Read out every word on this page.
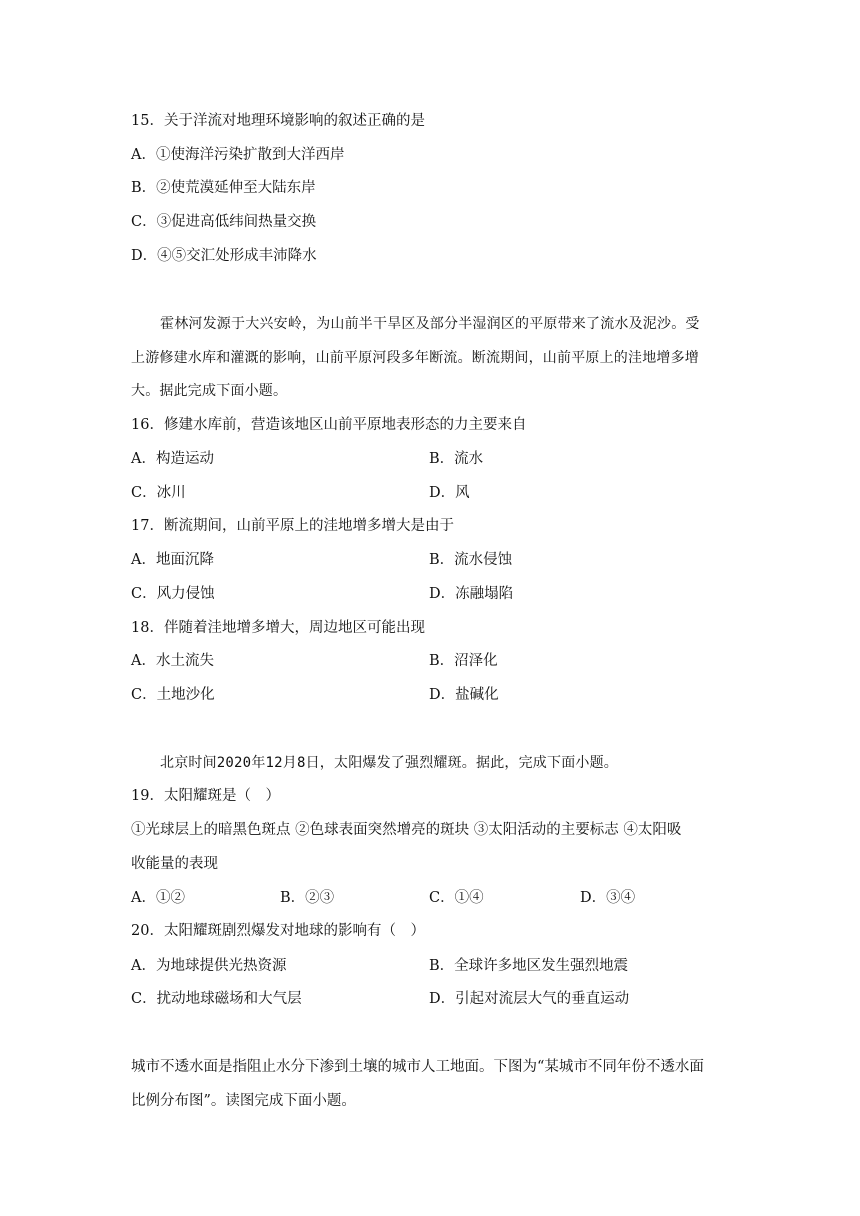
15．关于洋流对地理环境影响的叙述正确的是
A．①使海洋污染扩散到大洋西岸
B．②使荒漠延伸至大陆东岸
C．③促进高低纬间热量交换
D．④⑤交汇处形成丰沛降水
霍林河发源于大兴安岭，为山前半干旱区及部分半湿润区的平原带来了流水及泥沙。受
上游修建水库和灌溉的影响，山前平原河段多年断流。断流期间，山前平原上的洼地增多增
大。据此完成下面小题。
16．修建水库前，营造该地区山前平原地表形态的力主要来自
A．构造运动	B．流水
C．冰川	D．风
17．断流期间，山前平原上的洼地增多增大是由于
A．地面沉降	B．流水侵蚀
C．风力侵蚀	D．冻融塌陷
18．伴随着洼地增多增大，周边地区可能出现
A．水土流失	B．沼泽化
C．土地沙化	D．盐碱化
北京时间2020年12月8日，太阳爆发了强烈耀斑。据此，完成下面小题。
19．太阳耀斑是（　）
①光球层上的暗黑色斑点 ②色球表面突然增亮的斑块 ③太阳活动的主要标志 ④太阳吸
收能量的表现
A．①②	B．②③	C．①④	D．③④
20．太阳耀斑剧烈爆发对地球的影响有（　）
A．为地球提供光热资源	B．全球许多地区发生强烈地震
C．扰动地球磁场和大气层	D．引起对流层大气的垂直运动
城市不透水面是指阻止水分下渗到土壤的城市人工地面。下图为“某城市不同年份不透水面
比例分布图”。读图完成下面小题。
